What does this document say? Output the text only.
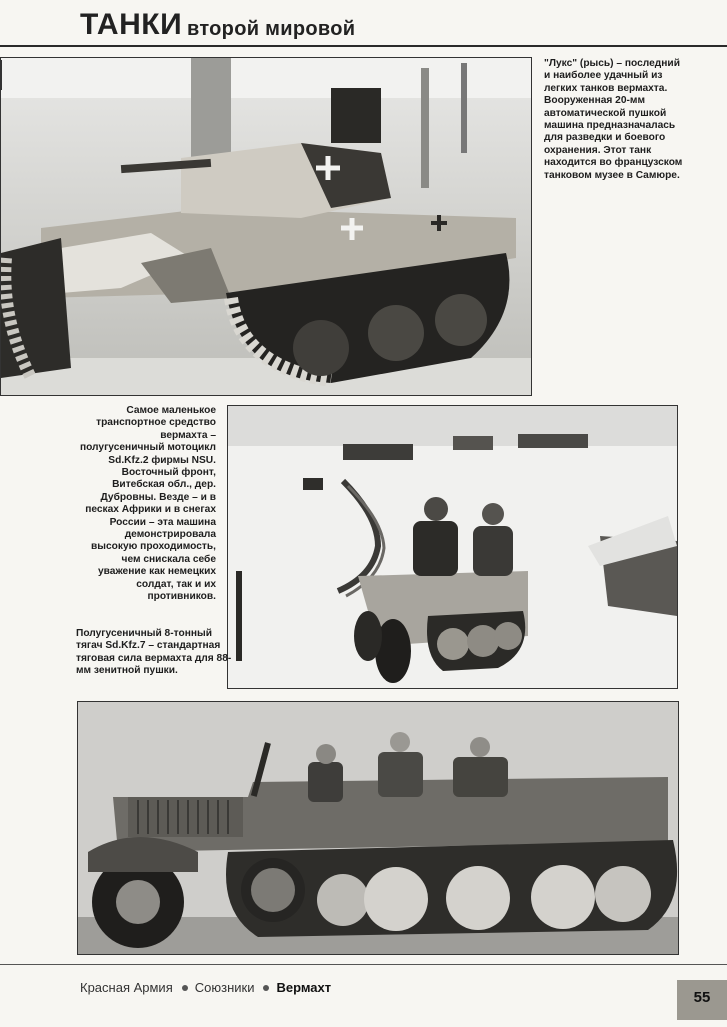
ТАНКИ второй мировой
"Лукс" (рысь) – последний и наиболее удачный из легких танков вермахта. Вооруженная 20-мм автоматической пушкой машина предназначалась для разведки и боевого охранения. Этот танк находится во французском танковом музее в Самюре.
Самое маленькое транспортное средство вермахта – полугусеничный мотоцикл Sd.Kfz.2 фирмы NSU. Восточный фронт, Витебская обл., дер. Дубровны. Везде – и в песках Африки и в снегах России – эта машина демонстрировала высокую проходимость, чем снискала себе уважение как немецких солдат, так и их противников.
Полугусеничный 8-тонный тягач Sd.Kfz.7 – стандартная тяговая сила вермахта для 88-мм зенитной пушки.
Красная Армия Союзники Вермахт
55
